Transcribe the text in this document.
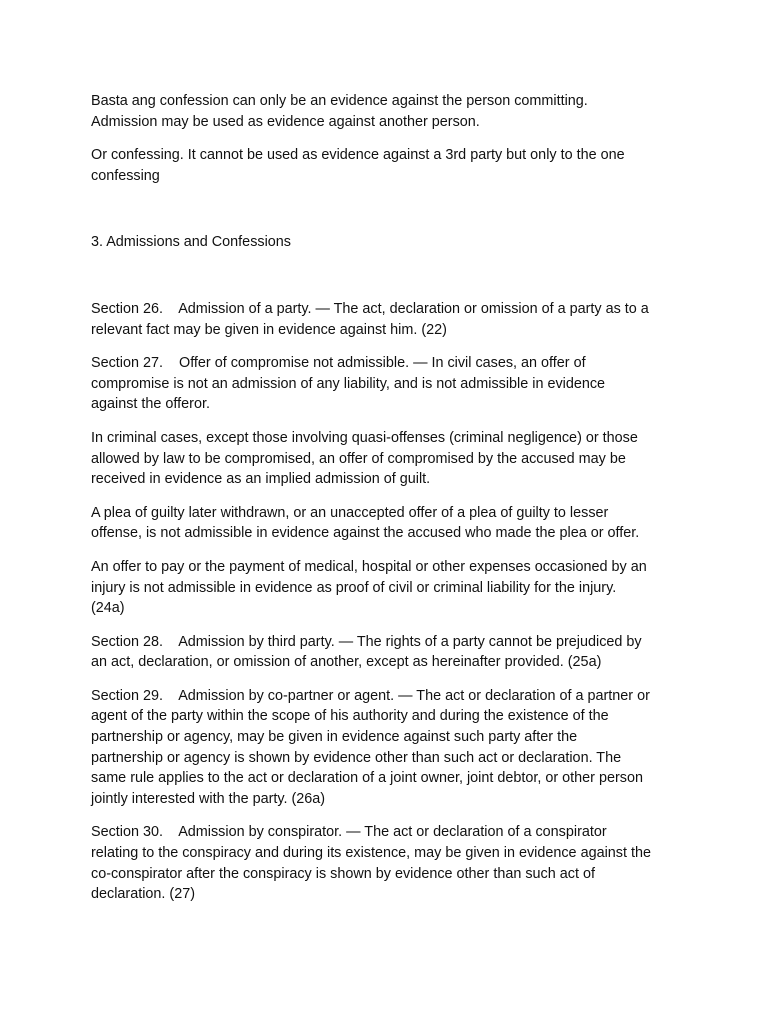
Basta ang confession can only be an evidence against the person committing.
Admission may be used as evidence against another person.

Or confessing. It cannot be used as evidence against a 3rd party but only to the one
confessing

3. Admissions and Confessions

Section 26.    Admission of a party. — The act, declaration or omission of a party as to a
relevant fact may be given in evidence against him. (22)

Section 27.    Offer of compromise not admissible. — In civil cases, an offer of
compromise is not an admission of any liability, and is not admissible in evidence
against the offeror.

In criminal cases, except those involving quasi-offenses (criminal negligence) or those
allowed by law to be compromised, an offer of compromised by the accused may be
received in evidence as an implied admission of guilt.

A plea of guilty later withdrawn, or an unaccepted offer of a plea of guilty to lesser
offense, is not admissible in evidence against the accused who made the plea or offer.

An offer to pay or the payment of medical, hospital or other expenses occasioned by an
injury is not admissible in evidence as proof of civil or criminal liability for the injury.
(24a)

Section 28.    Admission by third party. — The rights of a party cannot be prejudiced by
an act, declaration, or omission of another, except as hereinafter provided. (25a)

Section 29.    Admission by co-partner or agent. — The act or declaration of a partner or
agent of the party within the scope of his authority and during the existence of the
partnership or agency, may be given in evidence against such party after the
partnership or agency is shown by evidence other than such act or declaration. The
same rule applies to the act or declaration of a joint owner, joint debtor, or other person
jointly interested with the party. (26a)

Section 30.    Admission by conspirator. — The act or declaration of a conspirator
relating to the conspiracy and during its existence, may be given in evidence against the
co-conspirator after the conspiracy is shown by evidence other than such act of
declaration. (27)
